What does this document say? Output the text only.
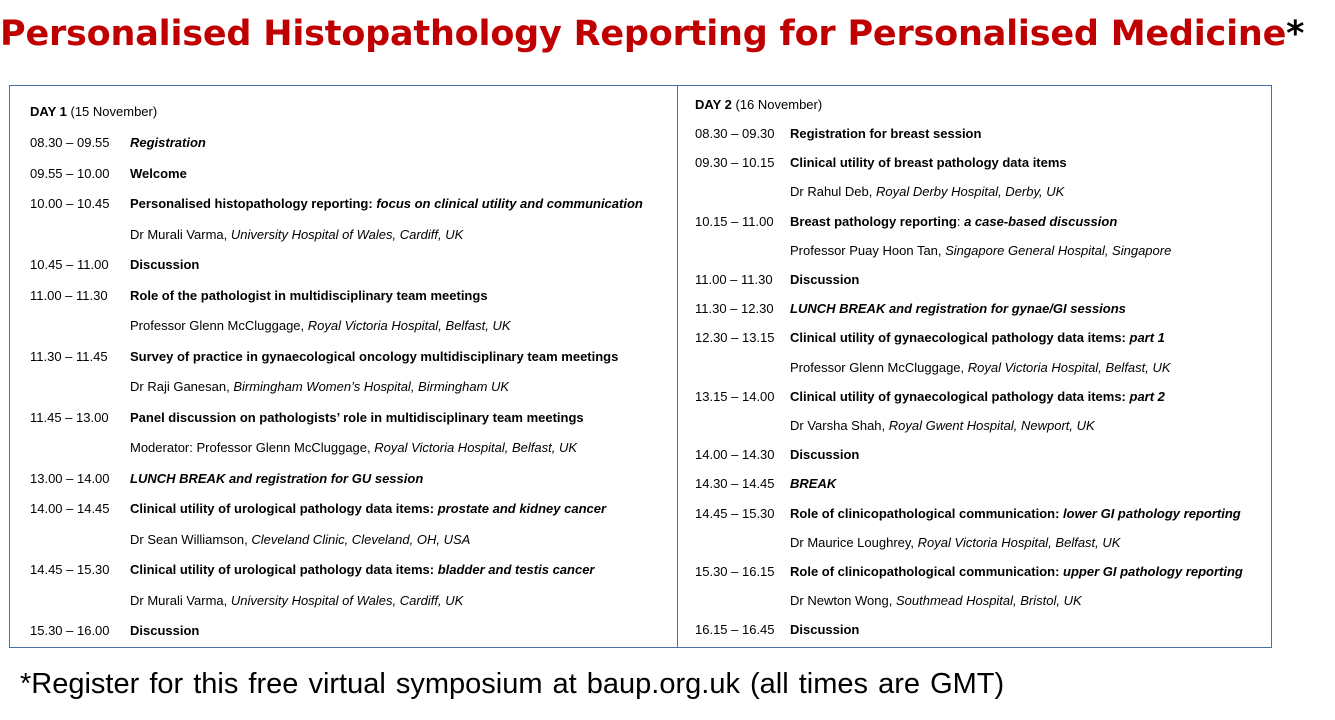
Personalised Histopathology Reporting for Personalised Medicine*
DAY 1 (15 November)
08.30 – 09.55 Registration
09.55 – 10.00 Welcome
10.00 – 10.45 Personalised histopathology reporting: focus on clinical utility and communication
Dr Murali Varma, University Hospital of Wales, Cardiff, UK
10.45 – 11.00 Discussion
11.00 – 11.30 Role of the pathologist in multidisciplinary team meetings
Professor Glenn McCluggage, Royal Victoria Hospital, Belfast, UK
11.30 – 11.45 Survey of practice in gynaecological oncology multidisciplinary team meetings
Dr Raji Ganesan, Birmingham Women’s Hospital, Birmingham UK
11.45 – 13.00 Panel discussion on pathologists’ role in multidisciplinary team meetings
Moderator: Professor Glenn McCluggage, Royal Victoria Hospital, Belfast, UK
13.00 – 14.00 LUNCH BREAK and registration for GU session
14.00 – 14.45 Clinical utility of urological pathology data items: prostate and kidney cancer
Dr Sean Williamson, Cleveland Clinic, Cleveland, OH, USA
14.45 – 15.30 Clinical utility of urological pathology data items: bladder and testis cancer
Dr Murali Varma, University Hospital of Wales, Cardiff, UK
15.30 – 16.00 Discussion
DAY 2 (16 November)
08.30 – 09.30 Registration for breast session
09.30 – 10.15 Clinical utility of breast pathology data items
Dr Rahul Deb, Royal Derby Hospital, Derby, UK
10.15 – 11.00 Breast pathology reporting: a case-based discussion
Professor Puay Hoon Tan, Singapore General Hospital, Singapore
11.00 – 11.30 Discussion
11.30 – 12.30 LUNCH BREAK and registration for gynae/GI sessions
12.30 – 13.15 Clinical utility of gynaecological pathology data items: part 1
Professor Glenn McCluggage, Royal Victoria Hospital, Belfast, UK
13.15 – 14.00 Clinical utility of gynaecological pathology data items: part 2
Dr Varsha Shah, Royal Gwent Hospital, Newport, UK
14.00 – 14.30 Discussion
14.30 – 14.45 BREAK
14.45 – 15.30 Role of clinicopathological communication: lower GI pathology reporting
Dr Maurice Loughrey, Royal Victoria Hospital, Belfast, UK
15.30 – 16.15 Role of clinicopathological communication: upper GI pathology reporting
Dr Newton Wong, Southmead Hospital, Bristol, UK
16.15 – 16.45 Discussion
*Register for this free virtual symposium at baup.org.uk (all times are GMT)
